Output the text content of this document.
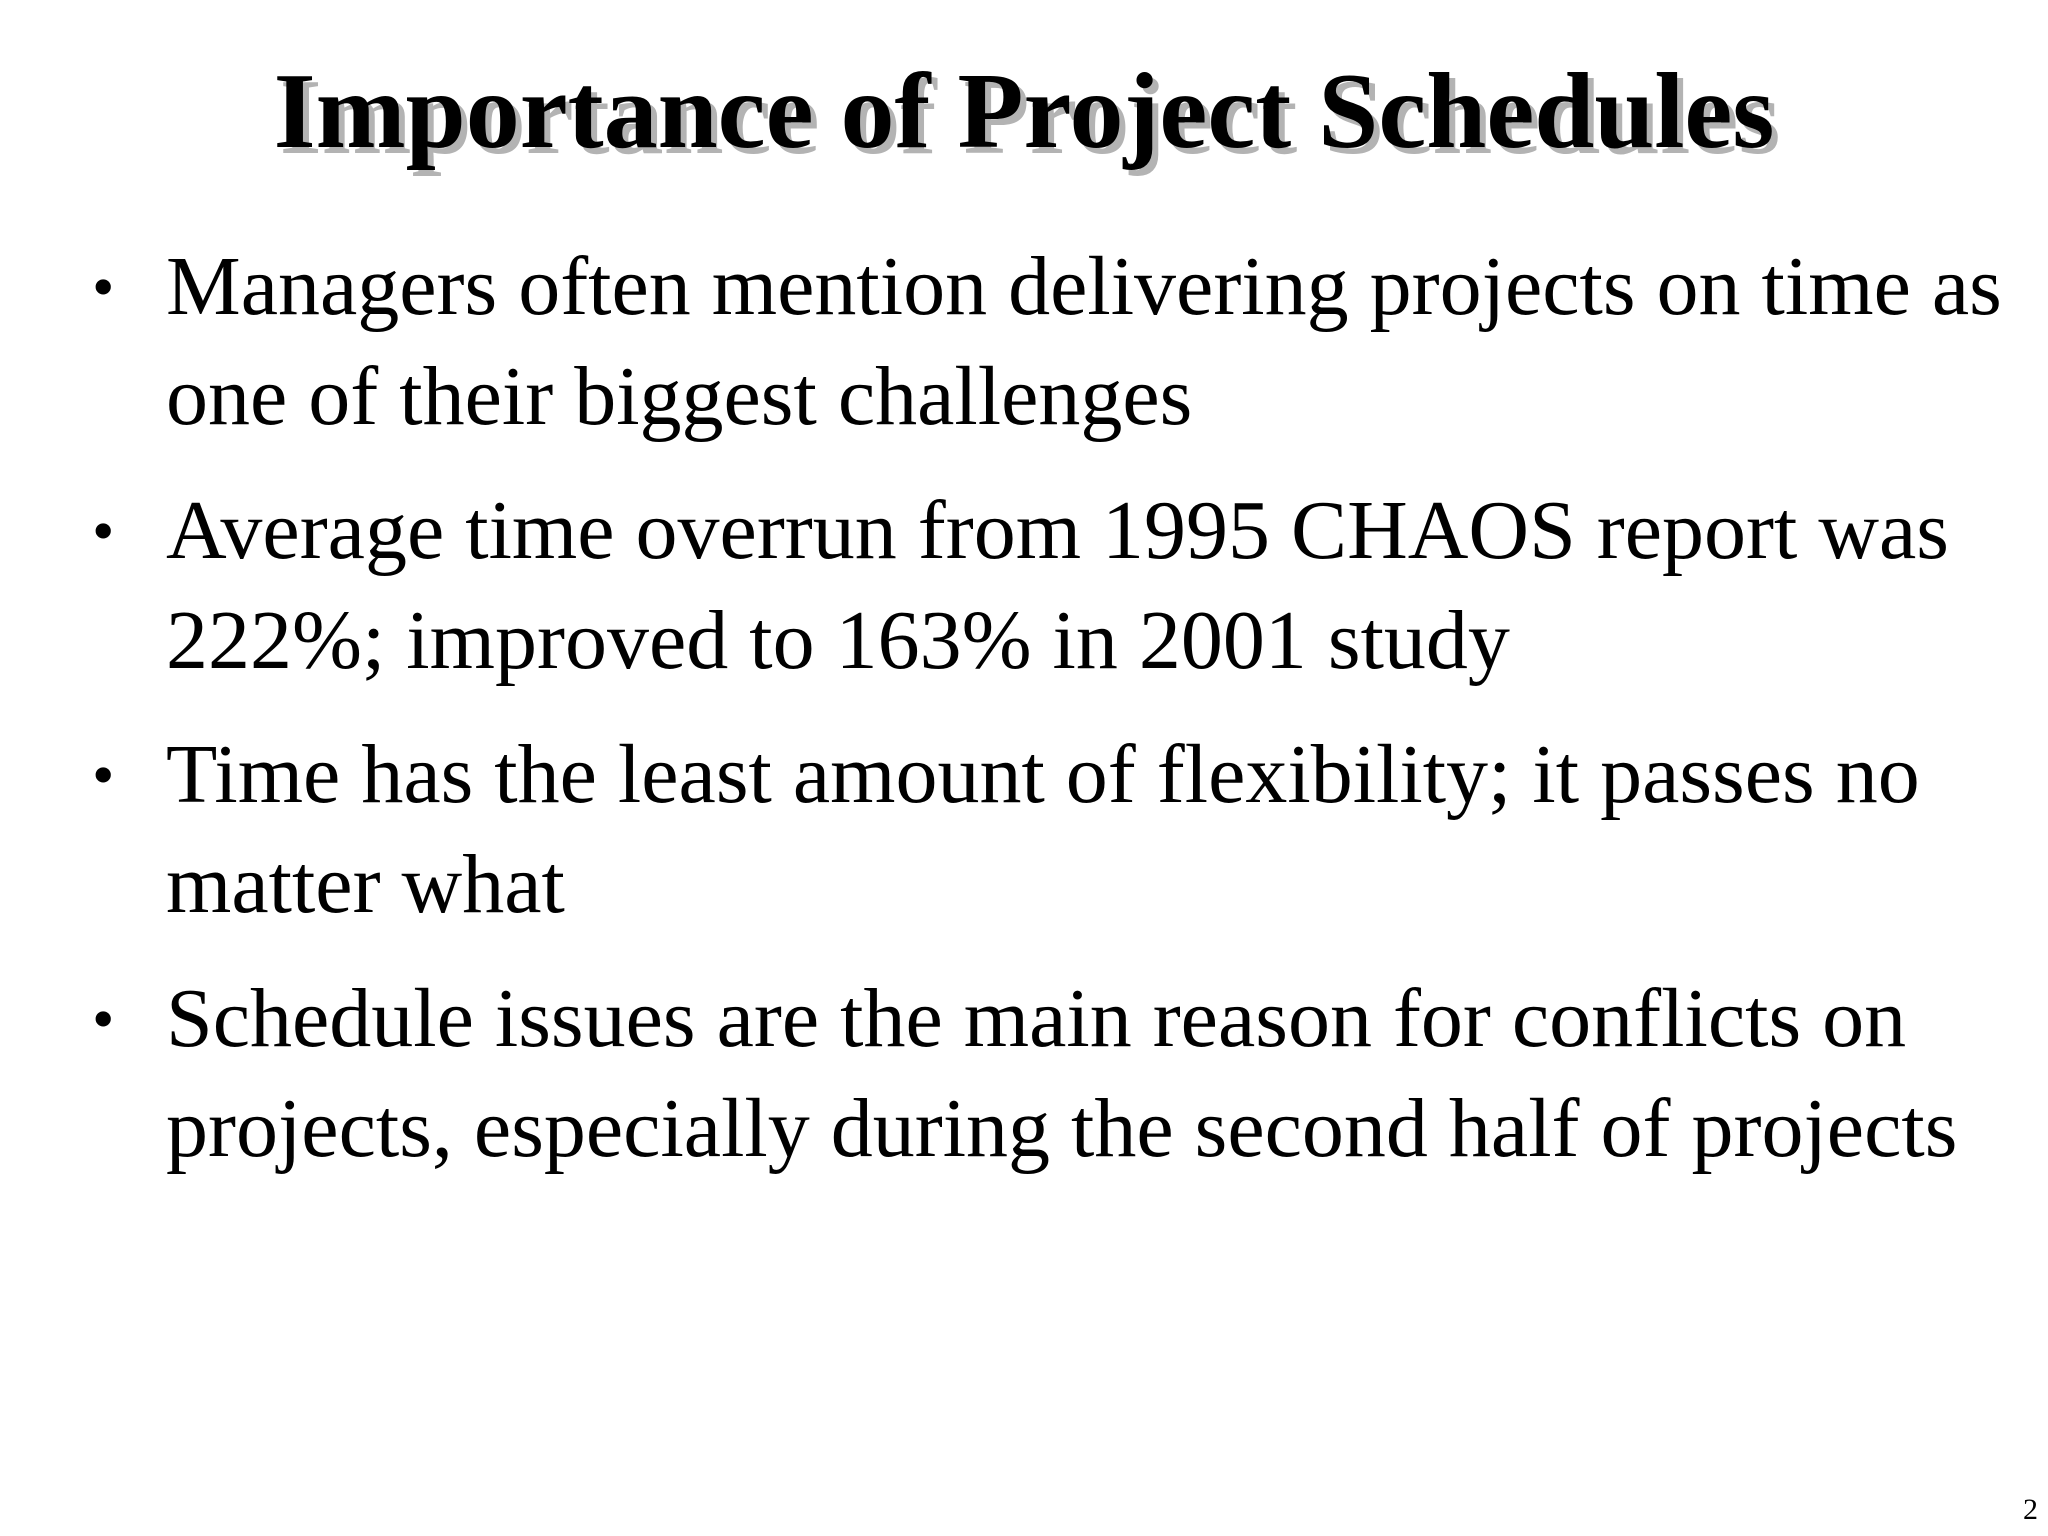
Importance of Project Schedules
• Managers often mention delivering projects on time as one of their biggest challenges
• Average time overrun from 1995 CHAOS report was 222%; improved to 163% in 2001 study
• Time has the least amount of flexibility; it passes no matter what
• Schedule issues are the main reason for conflicts on projects, especially during the second half of projects
2
